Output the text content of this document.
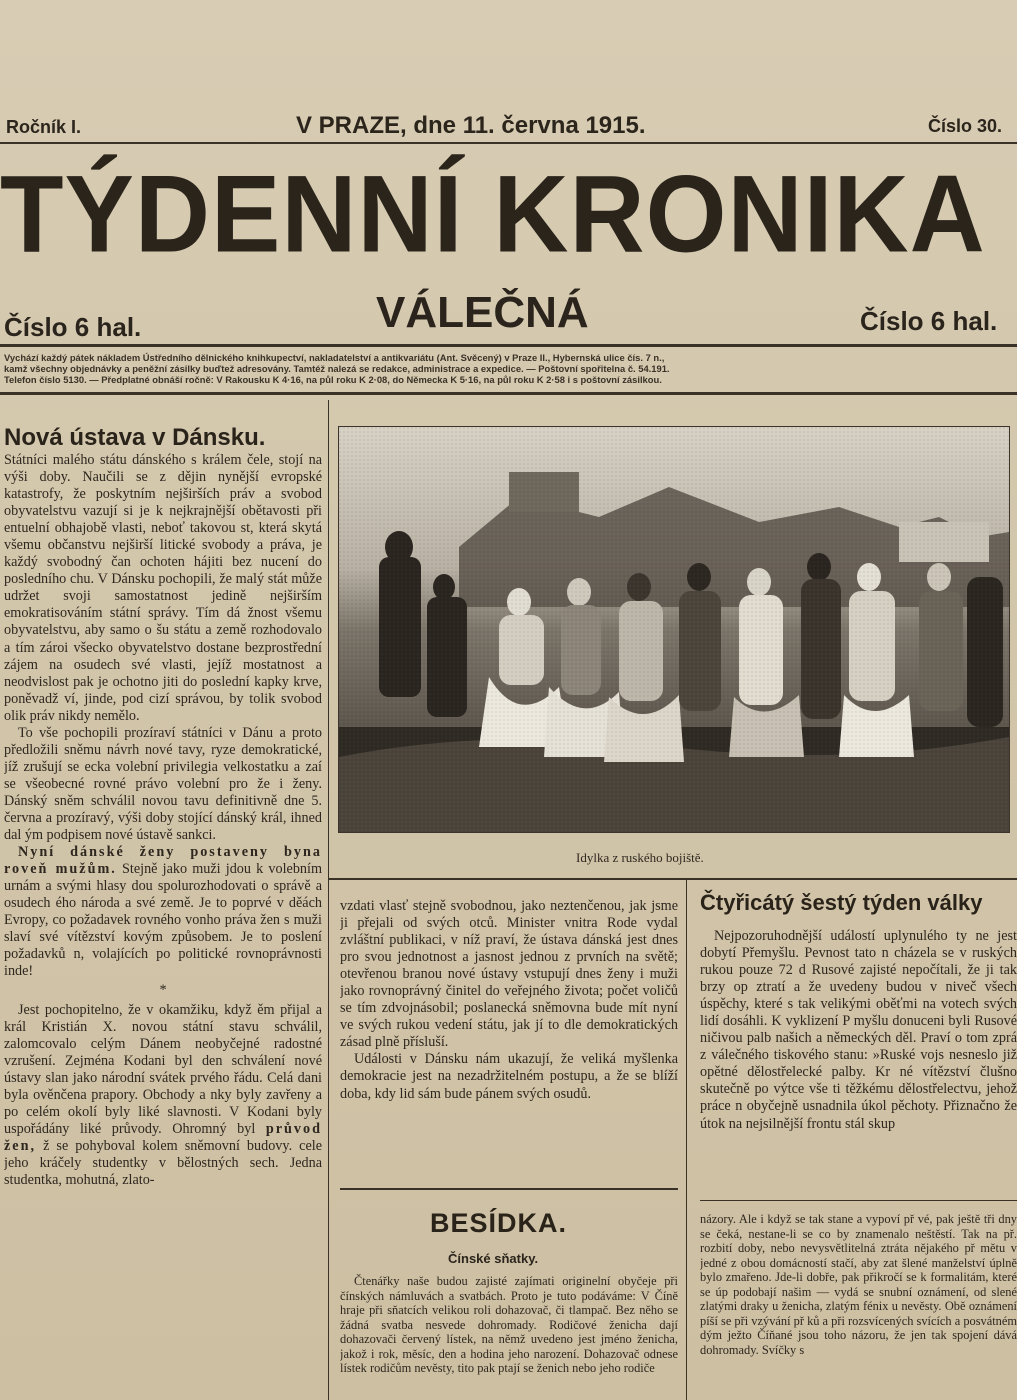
Ročník I.	V PRAZE, dne 11. června 1915.	Číslo 30.
TÝDENNÍ KRONIKA
VÁLEČNÁ
Číslo 6 hal.	Číslo 6 hal.
Vychází každý pátek nákladem Ústředního dělnického knihkupectví, nakladatelství a antikvariátu (Ant. Svěcený) v Praze II., Hybernská ulice čís. 7 n.,
kamž všechny objednávky a peněžní zásilky buďtež adresovány. Tamtéž nalezá se redakce, administrace a expedice. — Poštovní spořitelna č. 54.191.
Telefon číslo 5130. — Předplatné obnáší ročně: V Rakousku K 4·16, na půl roku K 2·08, do Německa K 5·16, na půl roku K 2·58 i s poštovní zásilkou.
Nová ústava v Dánsku.

Státníci malého státu dánského s králem čele, stojí na výši doby. Naučili se z dějin nynější evropské katastrofy, že poskytním nejširších práv a svobod obyvatelstvu vazují si je k nejkrajnější obětavosti při entuelní obhajobě vlasti, neboť takovou st, která skytá všemu občanstvu nejširší litické svobody a práva, je každý svobodný čan ochoten hájiti bez nucení do posledního chu. V Dánsku pochopili, že malý stát může udržet svoji samostatnost jedině nejširším emokratisováním státní správy. Tím dá žnost všemu obyvatelstvu, aby samo o šu státu a země rozhodovalo a tím zároi všecko obyvatelstvo dostane bezprostřední zájem na osudech své vlasti, jejíž mostatnost a neodvislost pak je ochotno jiti do poslední kapky krve, poněvadž ví, jinde, pod cizí správou, by tolik svobod olik práv nikdy nemělo.

To vše pochopili prozíraví státníci v Dánu a proto předložili sněmu návrh nové tavy, ryze demokratické, jíž zrušují se ecka volební privilegia velkostatku a zaí se všeobecné rovné právo volební pro že i ženy. Dánský sněm schválil novou tavu definitivně dne 5. června a prozíravý, výši doby stojící dánský král, ihned dal ým podpisem nové ústavě sankci.

Nyní dánské ženy postaveny byna roveň mužům. Stejně jako muži jdou k volebním urnám a svými hlasy dou spolurozhodovati o správě a osudech ého národa a své země. Je to poprvé v děách Evropy, co požadavek rovného vonho práva žen s muži slaví své vítězství kovým způsobem. Je to poslení požadavků n, volajících po politické rovnoprávnosti inde!

*

Jest pochopitelno, že v okamžiku, když ěm přijal a král Kristián X. novou státní stavu schválil, zalomcovalo celým Dánem neobyčejné radostné vzrušení. Zejména Kodani byl den schválení nové ústavy slan jako národní svátek prvého řádu. Celá dani byla ověnčena prapory. Obchody a nky byly zavřeny a po celém okolí byly liké slavnosti. V Kodani byly uspořádány liké průvody. Ohromný byl průvod žen, ž se pohyboval kolem sněmovní budovy. cele jeho kráčely studentky v bělostných sech. Jedna studentka, mohutná, zlato-

Idylka z ruského bojiště.

vzdati vlasť stejně svobodnou, jako neztenčenou, jak jsme ji přejali od svých otců. Minister vnitra Rode vydal zvláštní publikaci, v níž praví, že ústava dánská jest dnes pro svou jednotnost a jasnost jednou z prvních na světě; otevřenou branou nové ústavy vstupují dnes ženy i muži jako rovnoprávný činitel do veřejného života; počet voličů se tím zdvojnásobil; poslanecká sněmovna bude mít nyní ve svých rukou vedení státu, jak jí to dle demokratických zásad plně přísluší.

Události v Dánsku nám ukazují, že veliká myšlenka demokracie jest na nezadržitelném postupu, a že se blíží doba, kdy lid sám bude pánem svých osudů.

BESÍDKA.
Čínské sňatky.

Čtenářky naše budou zajisté zajímati originelní obyčeje při čínských námluvách a svatbách. Proto je tuto podáváme: V Číně hraje při sňatcích velikou roli dohazovač, či tlampač. Bez něho se žádná svatba nesvede dohromady. Rodičové ženicha dají dohazovači červený lístek, na němž uvedeno jest jméno ženicha, jakož i rok, měsíc, den a hodina jeho narození. Dohazovač odnese lístek rodičům nevěsty, tito pak ptají se ženich nebo jeho rodiče

Čtyřicátý šestý týden války

Nejpozoruhodnější událostí uplynulého ty ne jest dobytí Přemyšlu. Pevnost tato n cházela se v ruských rukou pouze 72 d Rusové zajisté nepočítali, že ji tak brzy op ztratí a že uvedeny budou v niveč všech úspěchy, které s tak velikými oběťmi na votech svých lidí dosáhli. K vyklizení P myšlu donuceni byli Rusové ničivou palb našich a německých děl. Praví o tom zprá z válečného tiskového stanu: »Ruské vojs nesneslo již opětné dělostřelecké palby. Kr né vítězství člušno skutečně po výtce vše ti těžkému dělostřelectvu, jehož práce n obyčejně usnadnila úkol pěchoty. Přiznačno že útok na nejsilnější frontu stál skup

názory. Ale i když se tak stane a vypoví př vé, pak ještě tři dny se čeká, nestane-li se co by znamenalo neštěstí. Tak na př. rozbití doby, nebo nevysvětlitelná ztráta nějakého př mětu v jedné z obou domácností stačí, aby zat šlené manželství úplně bylo zmařeno. Jde-li dobře, pak přikročí se k formalitám, které se úp podobají našim — vydá se snubní oznámení, od slené zlatými draky u ženicha, zlatým fénix u nevěsty. Obě oznámení píší se při vzývání př ků a při rozsvícených svících a posvátném dým ježto Číňané jsou toho názoru, že jen tak spojení dává dohromady. Svíčky s
